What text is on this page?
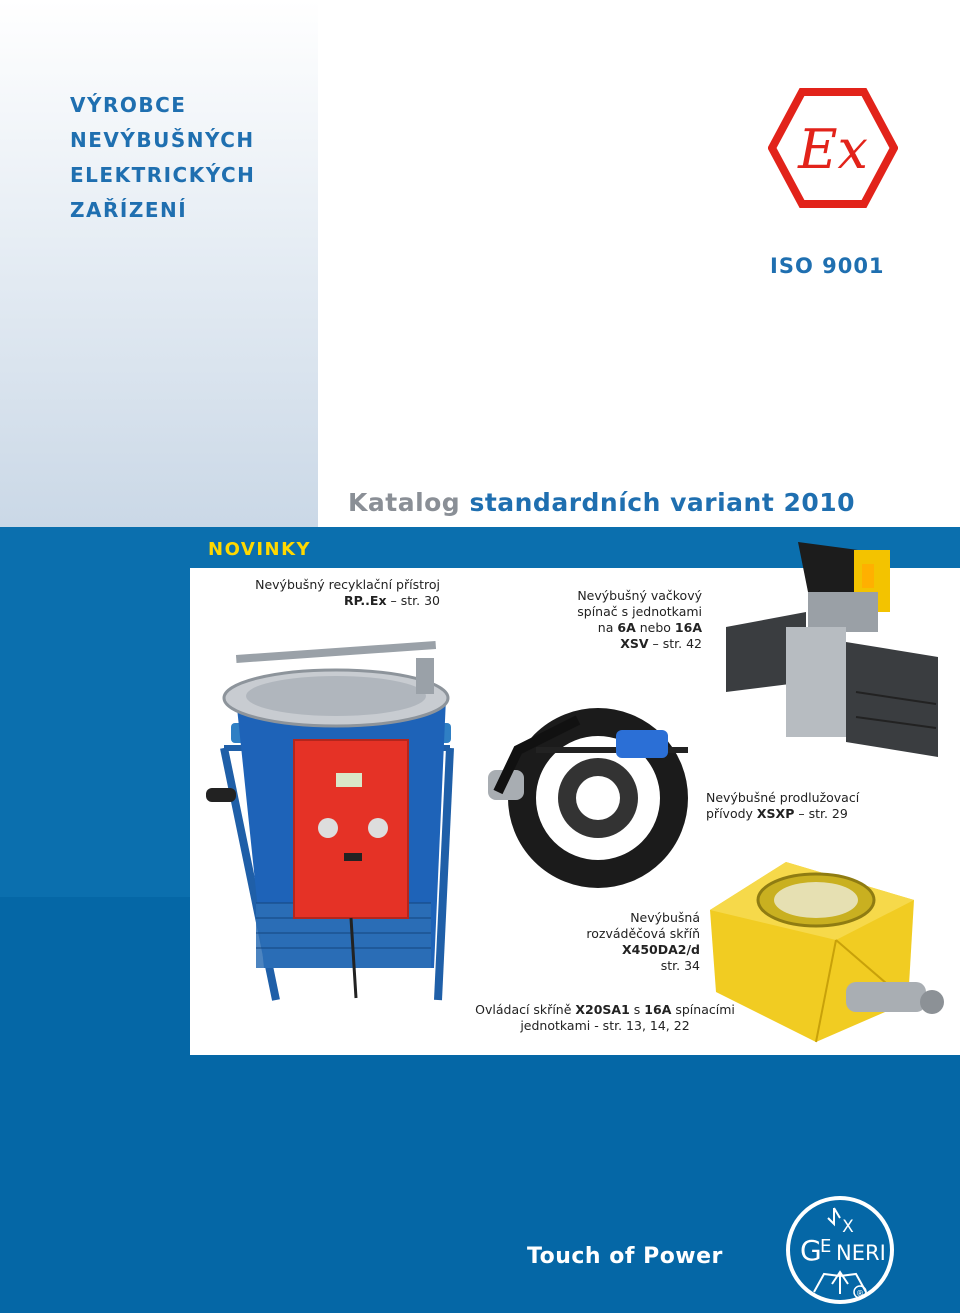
VÝROBCE
NEVÝBUŠNÝCH
ELEKTRICKÝCH
ZAŘÍZENÍ
Ex
ISO 9001
Katalog standardních variant 2010
NOVINKY
Nevýbušný recyklační přístroj
RP..Ex – str. 30	Nevýbušný vačkový
spínač s jednotkami
na 6A nebo 16A
XSV – str. 42
Nevýbušné prodlužovací
přívody XSXP – str. 29
Nevýbušná
rozváděčová skříň
X450DA2/d
str. 34
Ovládací skříně X20SA1 s 16A spínacími
jednotkami - str. 13, 14, 22
Touch of Power
X
G
E NERI
®
